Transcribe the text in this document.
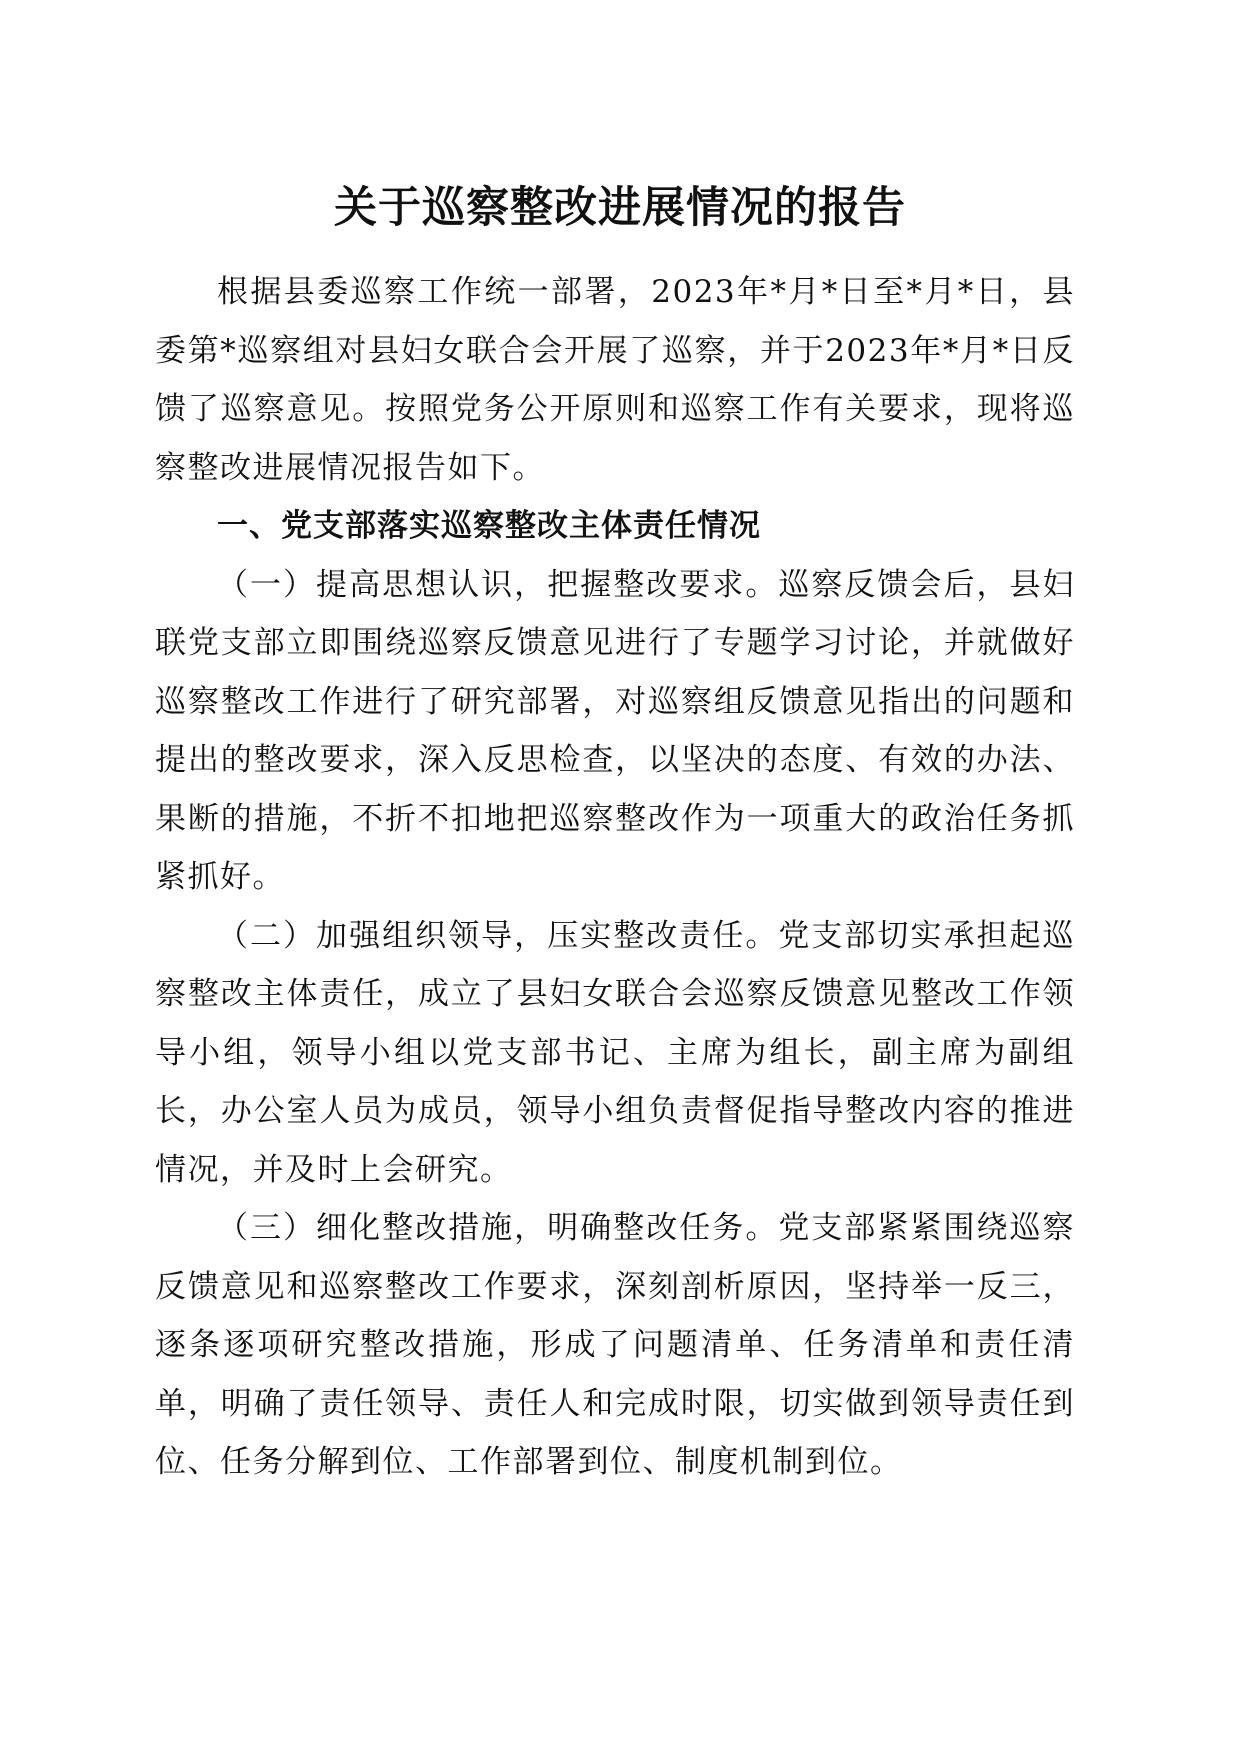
关于巡察整改进展情况的报告

根据县委巡察工作统一部署，2023年*月*日至*月*日，县委第*巡察组对县妇女联合会开展了巡察，并于2023年*月*日反馈了巡察意见。按照党务公开原则和巡察工作有关要求，现将巡察整改进展情况报告如下。

一、党支部落实巡察整改主体责任情况

（一）提高思想认识，把握整改要求。巡察反馈会后，县妇联党支部立即围绕巡察反馈意见进行了专题学习讨论，并就做好巡察整改工作进行了研究部署，对巡察组反馈意见指出的问题和提出的整改要求，深入反思检查，以坚决的态度、有效的办法、果断的措施，不折不扣地把巡察整改作为一项重大的政治任务抓紧抓好。

（二）加强组织领导，压实整改责任。党支部切实承担起巡察整改主体责任，成立了县妇女联合会巡察反馈意见整改工作领导小组，领导小组以党支部书记、主席为组长，副主席为副组长，办公室人员为成员，领导小组负责督促指导整改内容的推进情况，并及时上会研究。

（三）细化整改措施，明确整改任务。党支部紧紧围绕巡察反馈意见和巡察整改工作要求，深刻剖析原因，坚持举一反三，逐条逐项研究整改措施，形成了问题清单、任务清单和责任清单，明确了责任领导、责任人和完成时限，切实做到领导责任到位、任务分解到位、工作部署到位、制度机制到位。
